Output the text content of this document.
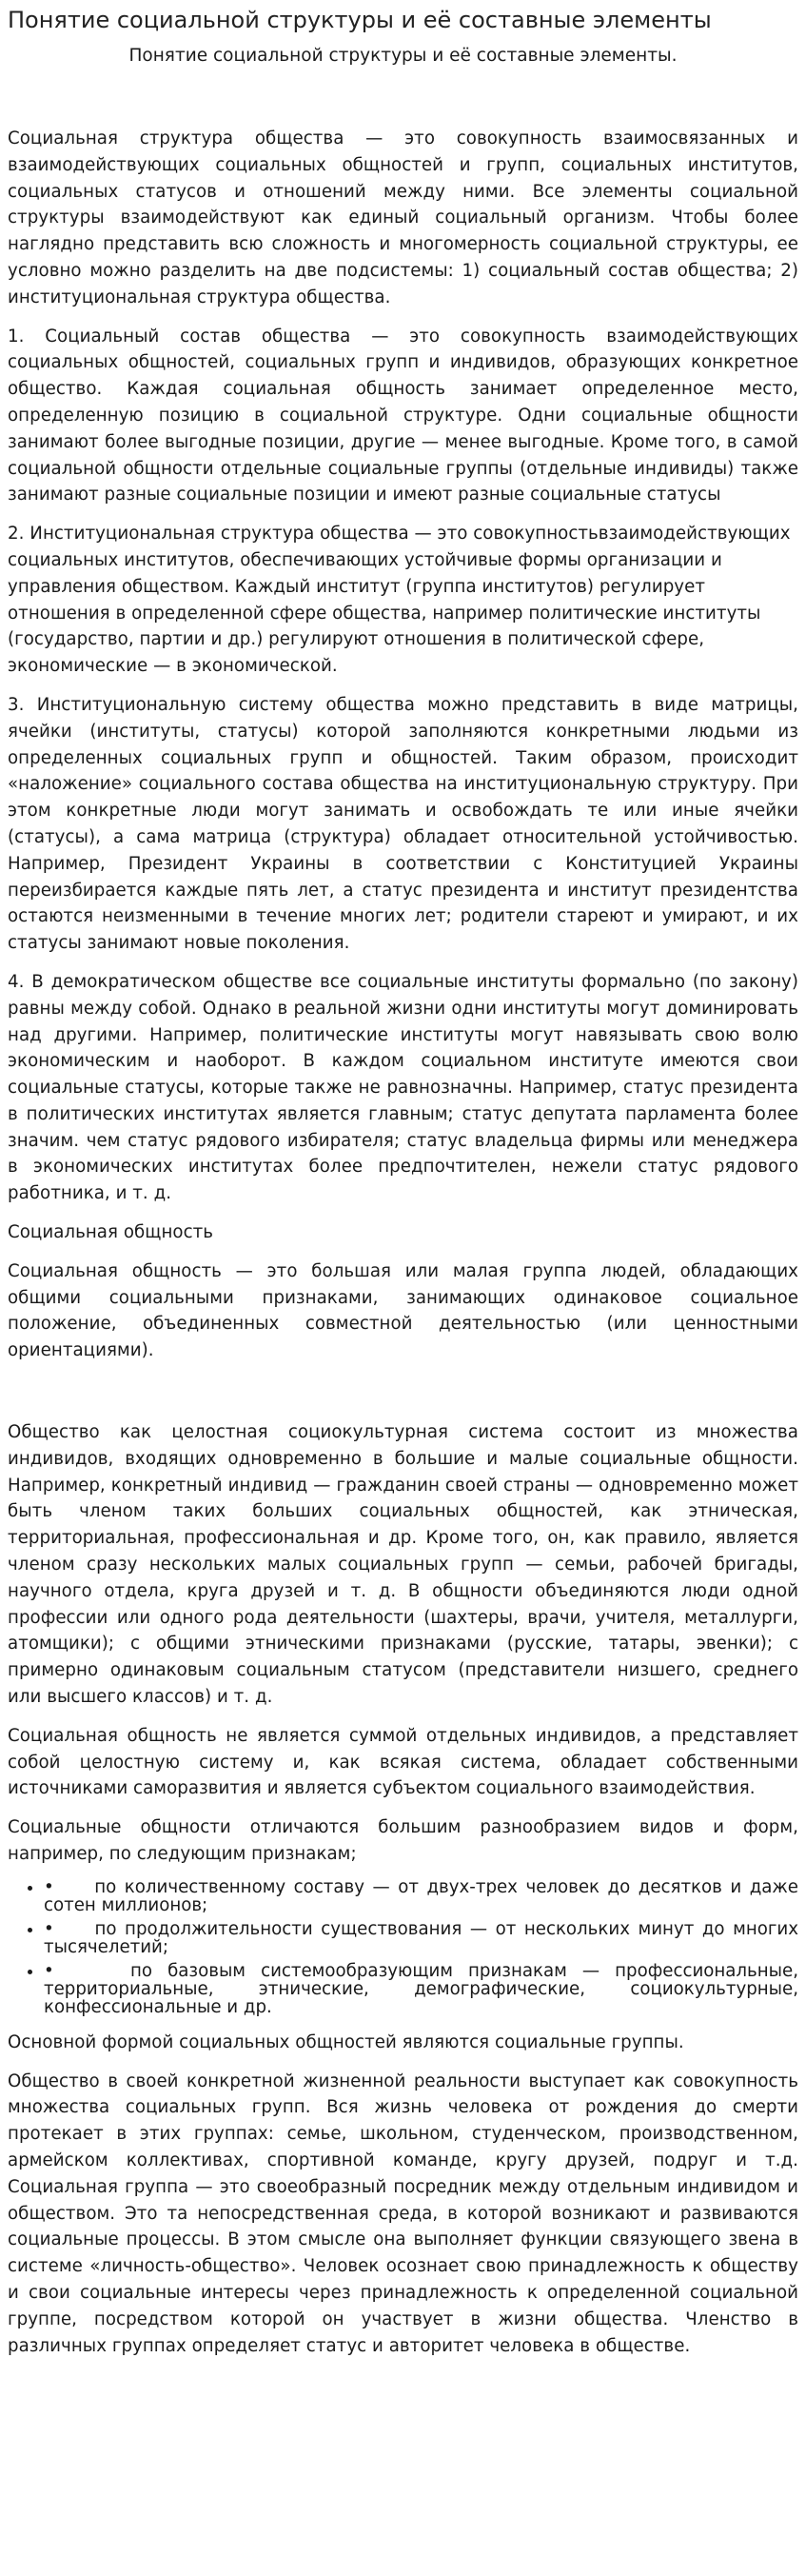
Понятие социальной структуры и её составные элементы
Понятие социальной структуры и её составные элементы.

Социальная структура общества — это совокупность взаимосвязанных и взаимодействующих социальных общностей и групп, социальных институтов, социальных статусов и отношений между ними. Все элементы социальной структуры взаимодействуют как единый социальный организм. Чтобы более наглядно представить всю сложность и многомерность социальной структуры, ее условно можно разделить на две подсистемы: 1) социальный состав общества; 2) институциональная структура общества.

1. Социальный состав общества — это совокупность взаимодействующих социальных общностей, социальных групп и индивидов, образующих конкретное общество. Каждая социальная общность занимает определенное место, определенную позицию в социальной структуре. Одни социальные общности занимают более выгодные позиции, другие — менее выгодные. Кроме того, в самой социальной общности отдельные социальные группы (отдельные индивиды) также занимают разные социальные позиции и имеют разные социальные статусы

2. Институциональная структура общества — это совокупностьвзаимодействующих социальных институтов, обеспечивающих устойчивые формы организации и управления обществом. Каждый институт (группа институтов) регулирует отношения в определенной сфере общества, например политические институты (государство, партии и др.) регулируют отношения в политической сфере, экономические — в экономической.

3. Институциональную систему общества можно представить в виде матрицы, ячейки (институты, статусы) которой заполняются конкретными людьми из определенных социальных групп и общностей. Таким образом, происходит «наложение» социального состава общества на институциональную структуру. При этом конкретные люди могут занимать и освобождать те или иные ячейки (статусы), а сама матрица (структура) обладает относительной устойчивостью. Например, Президент Украины в соответствии с Конституцией Украины переизбирается каждые пять лет, а статус президента и институт президентства остаются неизменными в течение многих лет; родители стареют и умирают, и их статусы занимают новые поколения.

4. В демократическом обществе все социальные институты формально (по закону) равны между собой. Однако в реальной жизни одни институты могут доминировать над другими. Например, политические институты могут навязывать свою волю экономическим и наоборот. В каждом социальном институте имеются свои социальные статусы, которые также не равнозначны. Например, статус президента в политических институтах является главным; статус депутата парламента более значим. чем статус рядового избирателя; статус владельца фирмы или менеджера в экономических институтах более предпочтителен, нежели статус рядового работника, и т. д.

Социальная общность

Социальная общность — это большая или малая группа людей, обладающих общими социальными признаками, занимающих одинаковое социальное положение, объединенных совместной деятельностью (или ценностными ориентациями).

Общество как целостная социокультурная система состоит из множества индивидов, входящих одновременно в большие и малые социальные общности. Например, конкретный индивид — гражданин своей страны — одновременно может быть членом таких больших социальных общностей, как этническая, территориальная, профессиональная и др. Кроме того, он, как правило, является членом сразу нескольких малых социальных групп — семьи, рабочей бригады, научного отдела, круга друзей и т. д. В общности объединяются люди одной профессии или одного рода деятельности (шахтеры, врачи, учителя, металлурги, атомщики); с общими этническими признаками (русские, татары, эвенки); с примерно одинаковым социальным статусом (представители низшего, среднего или высшего классов) и т. д.

Социальная общность не является суммой отдельных индивидов, а представляет собой целостную систему и, как всякая система, обладает собственными источниками саморазвития и является субъектом социального взаимодействия.

Социальные общности отличаются большим разнообразием видов и форм, например, по следующим признакам;

•     • по количественному составу — от двух-трех человек до десятков и даже сотен миллионов;
•     • по продолжительности существования — от нескольких минут до многих тысячелетий;
•     • по базовым системообразующим признакам — профессиональные, территориальные, этнические, демографические, социокультурные, конфессиональные и др.

Основной формой социальных общностей являются социальные группы.

Общество в своей конкретной жизненной реальности выступает как совокупность множества социальных групп. Вся жизнь человека от рождения до смерти протекает в этих группах: семье, школьном, студенческом, производственном, армейском коллективах, спортивной команде, кругу друзей, подруг и т.д. Социальная группа — это своеобразный посредник между отдельным индивидом и обществом. Это та непосредственная среда, в которой возникают и развиваются социальные процессы. В этом смысле она выполняет функции связующего звена в системе «личность-общество». Человек осознает свою принадлежность к обществу и свои социальные интересы через принадлежность к определенной социальной группе, посредством которой он участвует в жизни общества. Членство в различных группах определяет статус и авторитет человека в обществе.
